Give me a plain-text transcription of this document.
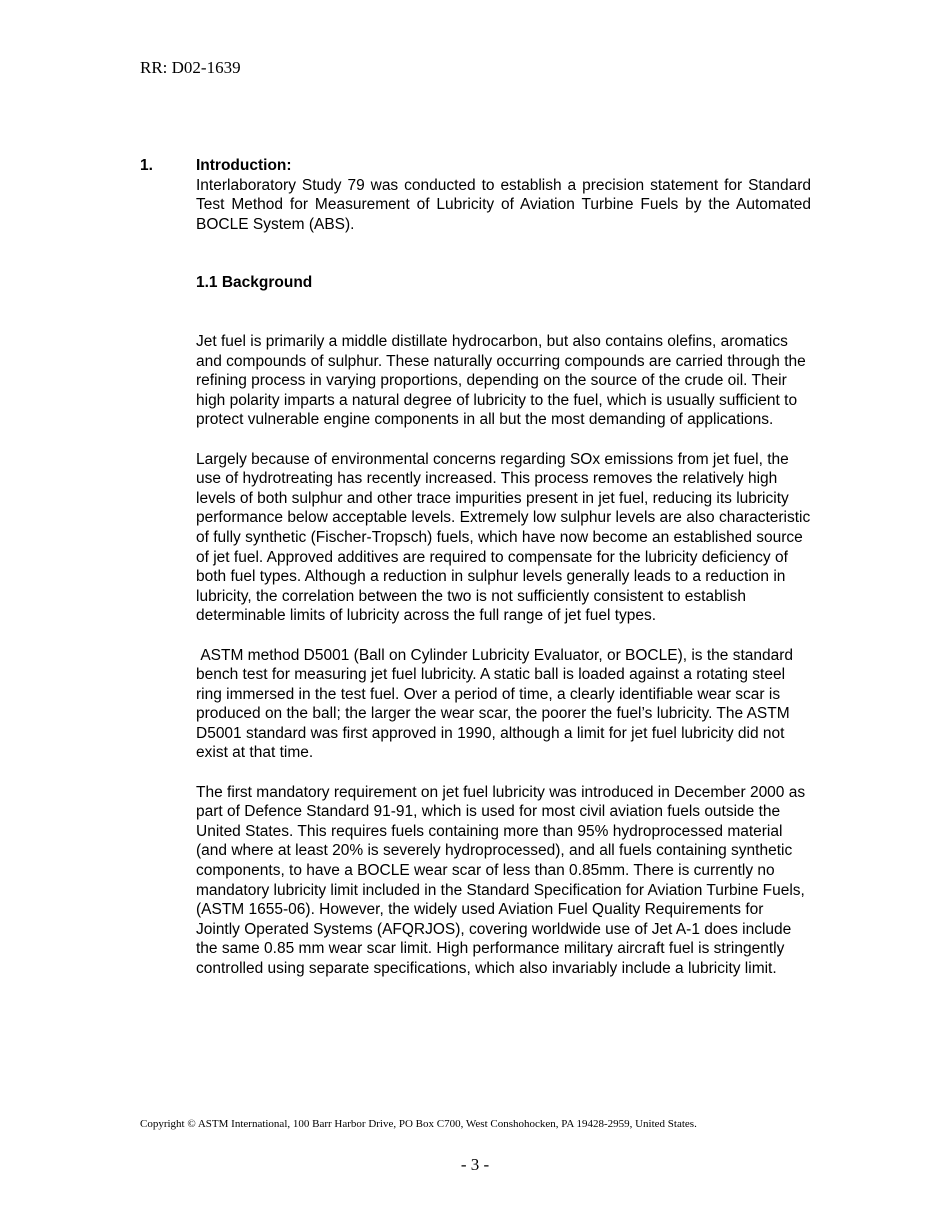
RR: D02-1639
1.	Introduction:

Interlaboratory Study 79 was conducted to establish a precision statement for Standard Test Method for Measurement of Lubricity of Aviation Turbine Fuels by the Automated BOCLE System (ABS).

1.1 Background

Jet fuel is primarily a middle distillate hydrocarbon, but also contains olefins, aromatics and compounds of sulphur. These naturally occurring compounds are carried through the refining process in varying proportions, depending on the source of the crude oil. Their high polarity imparts a natural degree of lubricity to the fuel, which is usually sufficient to protect vulnerable engine components in all but the most demanding of applications.

Largely because of environmental concerns regarding SOx emissions from jet fuel, the use of hydrotreating has recently increased. This process removes the relatively high levels of both sulphur and other trace impurities present in jet fuel, reducing its lubricity performance below acceptable levels. Extremely low sulphur levels are also characteristic of fully synthetic (Fischer-Tropsch) fuels, which have now become an established source of jet fuel. Approved additives are required to compensate for the lubricity deficiency of both fuel types. Although a reduction in sulphur levels generally leads to a reduction in lubricity, the correlation between the two is not sufficiently consistent to establish determinable limits of lubricity across the full range of jet fuel types.

ASTM method D5001 (Ball on Cylinder Lubricity Evaluator, or BOCLE), is the standard bench test for measuring jet fuel lubricity. A static ball is loaded against a rotating steel ring immersed in the test fuel. Over a period of time, a clearly identifiable wear scar is produced on the ball; the larger the wear scar, the poorer the fuel’s lubricity. The ASTM D5001 standard was first approved in 1990, although a limit for jet fuel lubricity did not exist at that time.

The first mandatory requirement on jet fuel lubricity was introduced in December 2000 as part of Defence Standard 91-91, which is used for most civil aviation fuels outside the United States. This requires fuels containing more than 95% hydroprocessed material (and where at least 20% is severely hydroprocessed), and all fuels containing synthetic components, to have a BOCLE wear scar of less than 0.85mm. There is currently no mandatory lubricity limit included in the Standard Specification for Aviation Turbine Fuels, (ASTM 1655-06). However, the widely used Aviation Fuel Quality Requirements for Jointly Operated Systems (AFQRJOS), covering worldwide use of Jet A-1 does include the same 0.85 mm wear scar limit. High performance military aircraft fuel is stringently controlled using separate specifications, which also invariably include a lubricity limit.

Copyright © ASTM International, 100 Barr Harbor Drive, PO Box C700, West Conshohocken, PA 19428-2959, United States.
- 3 -
